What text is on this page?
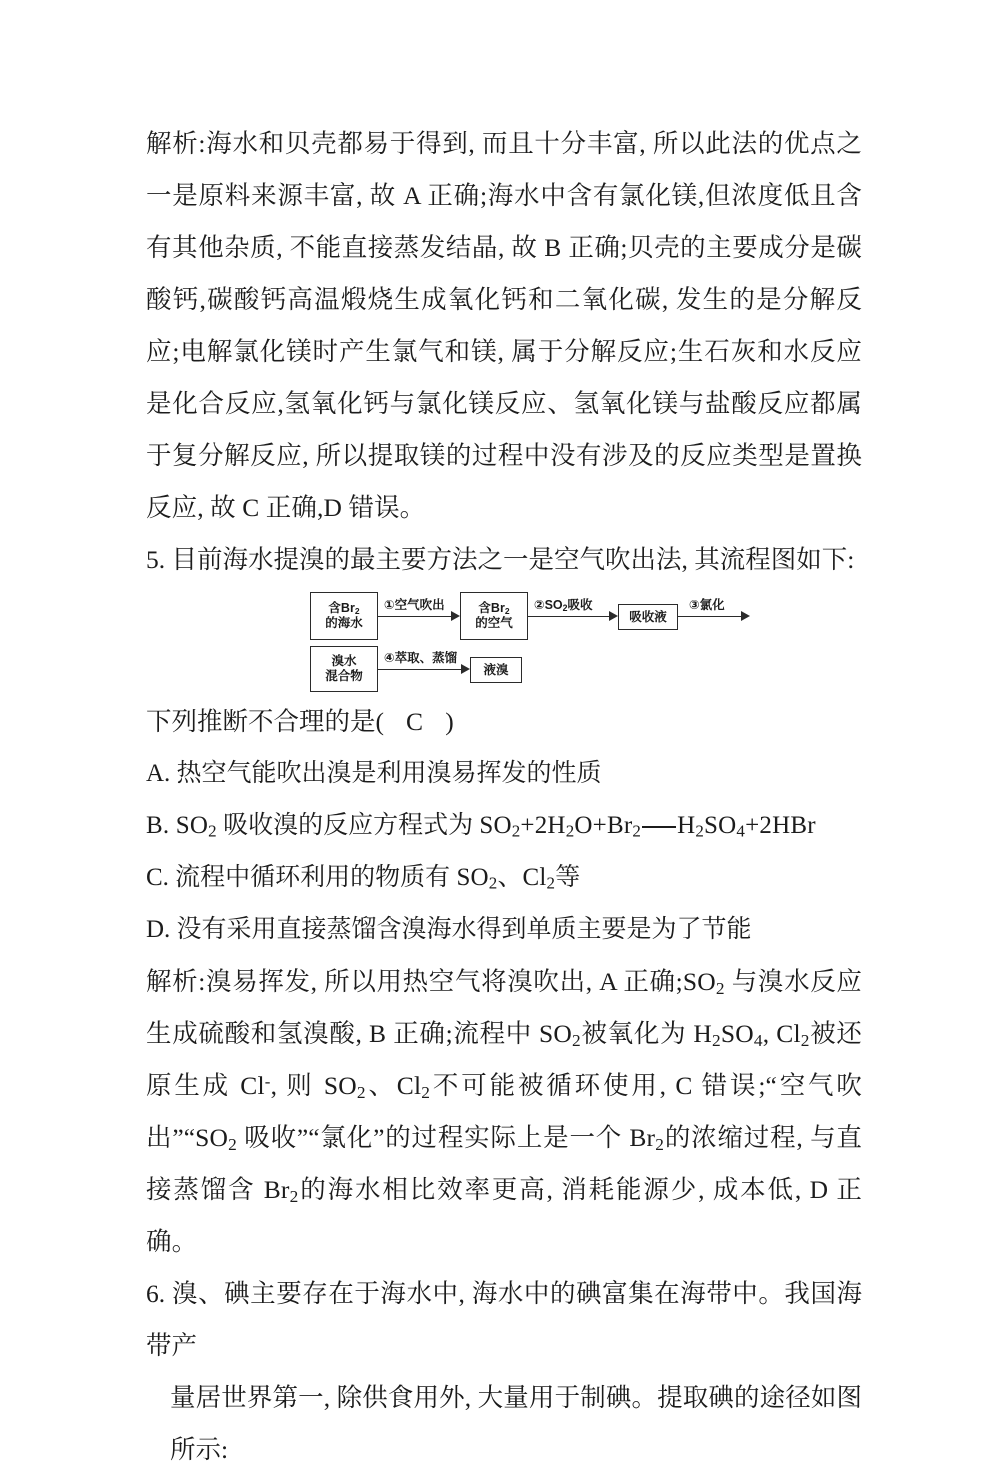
解析:海水和贝壳都易于得到, 而且十分丰富, 所以此法的优点之一是原料来源丰富, 故 A 正确;海水中含有氯化镁,但浓度低且含有其他杂质, 不能直接蒸发结晶, 故 B 正确;贝壳的主要成分是碳酸钙,碳酸钙高温煅烧生成氧化钙和二氧化碳, 发生的是分解反应;电解氯化镁时产生氯气和镁, 属于分解反应;生石灰和水反应是化合反应,氢氧化钙与氯化镁反应、氢氧化镁与盐酸反应都属于复分解反应, 所以提取镁的过程中没有涉及的反应类型是置换反应, 故 C 正确,D 错误。
5. 目前海水提溴的最主要方法之一是空气吹出法, 其流程图如下:
含$Br_2$
的海水
①空气吹出	含$Br_2$
的空气
$②SO_2$吸收
吸收液
③氯化
溴水
混合物
④萃取、蒸馏
液溴
下列推断不合理的是( C )
A. 热空气能吹出溴是利用溴易挥发的性质
B. $SO_2$ 吸收溴的反应方程式为 $SO_2+2H_2O+Br_2$ $H_2SO_4+2HBr$
C. 流程中循环利用的物质有 $SO_2$、$Cl_2$等
D. 没有采用直接蒸馏含溴海水得到单质主要是为了节能
解析:溴易挥发, 所以用热空气将溴吹出, A 正确$;SO_2$ 与溴水反应生成硫酸和氢溴酸, B 正确;流程中 $SO_2$被氧化为 $H_2SO_4$, $Cl_2$被还原生成 Cl-, 则 $SO_2$、$Cl_2$不可能被循环使用, C 错误;“空气吹出$”“SO_2$ 吸收”“氯化”的过程实际上是一个 $Br_2$的浓缩过程, 与直接蒸馏含 $Br_2$的海水相比效率更高, 消耗能源少, 成本低, D 正确。
6. 溴、碘主要存在于海水中, 海水中的碘富集在海带中。我国海带产
量居世界第一, 除供食用外, 大量用于制碘。提取碘的途径如图所示:
